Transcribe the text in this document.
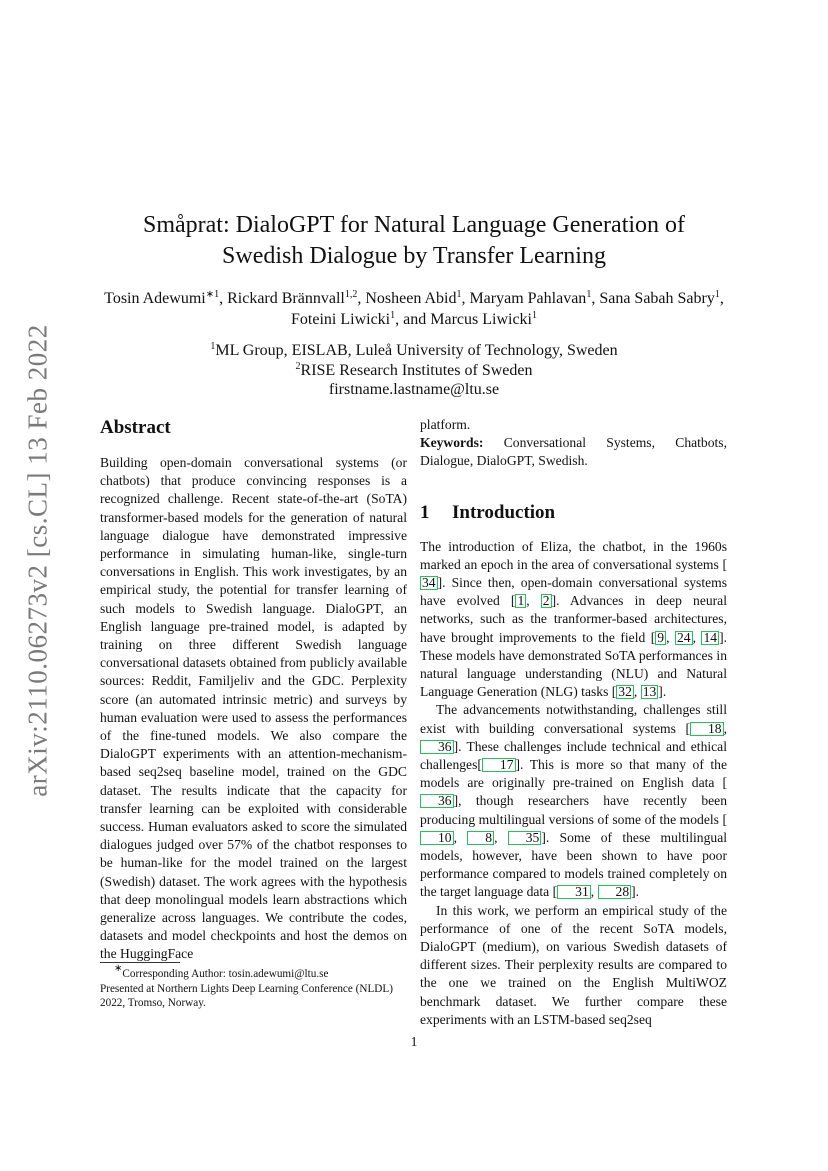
arXiv:2110.06273v2 [cs.CL] 13 Feb 2022
Småprat: DialoGPT for Natural Language Generation of Swedish Dialogue by Transfer Learning
Tosin Adewumi$^{∗1}$, Rickard Brännvall$^{1,2}$, Nosheen Abid$^1$, Maryam Pahlavan$^1$, Sana Sabah Sabry$^1$, Foteini Liwicki$^1$, and Marcus Liwicki$^1$
$^1$ML Group, EISLAB, Luleå University of Technology, Sweden
$^2$RISE Research Institutes of Sweden
firstname.lastname@ltu.se
Abstract

Building open-domain conversational systems (or chatbots) that produce convincing responses is a recognized challenge. Recent state-of-the-art (SoTA) transformer-based models for the generation of natural language dialogue have demonstrated impressive performance in simulating human-like, single-turn conversations in English. This work investigates, by an empirical study, the potential for transfer learning of such models to Swedish language. DialoGPT, an English language pre-trained model, is adapted by training on three different Swedish language conversational datasets obtained from publicly available sources: Reddit, Familjeliv and the GDC. Perplexity score (an automated intrinsic metric) and surveys by human evaluation were used to assess the performances of the fine-tuned models. We also compare the DialoGPT experiments with an attention-mechanism-based seq2seq baseline model, trained on the GDC dataset. The results indicate that the capacity for transfer learning can be exploited with considerable success. Human evaluators asked to score the simulated dialogues judged over 57% of the chatbot responses to be human-like for the model trained on the largest (Swedish) dataset. The work agrees with the hypothesis that deep monolingual models learn abstractions which generalize across languages. We contribute the codes, datasets and model checkpoints and host the demos on the HuggingFace

platform.

Keywords: Conversational Systems, Chatbots, Dialogue, DialoGPT, Swedish.

1 Introduction

The introduction of Eliza, the chatbot, in the 1960s marked an epoch in the area of conversational systems [34 ]. Since then, open-domain conversational systems have evolved [ 1 , 2 ]. Advances in deep neural networks, such as the tranformer-based architectures, have brought improvements to the field [ 9 , 24 , 14 ]. These models have demonstrated SoTA performances in natural language understanding (NLU) and Natural Language Generation (NLG) tasks [ 32 , 13 ].

The advancements notwithstanding, challenges still exist with building conversational systems [ 18 , 36 ]. These challenges include technical and ethical challenges[ 17 ]. This is more so that many of the models are originally pre-trained on English data [36 ], though researchers have recently been producing multilingual versions of some of the models [10 , 8 , 35 ]. Some of these multilingual models, however, have been shown to have poor performance compared to models trained completely on the target language data [ 31 , 28 ].

In this work, we perform an empirical study of the performance of one of the recent SoTA models, DialoGPT (medium), on various Swedish datasets of different sizes. Their perplexity results are compared to the one we trained on the English MultiWOZ benchmark dataset. We further compare these experiments with an LSTM-based seq2seq

∗Corresponding Author: tosin.adewumi@ltu.se
Presented at Northern Lights Deep Learning Conference (NLDL) 2022, Tromso, Norway.
1
